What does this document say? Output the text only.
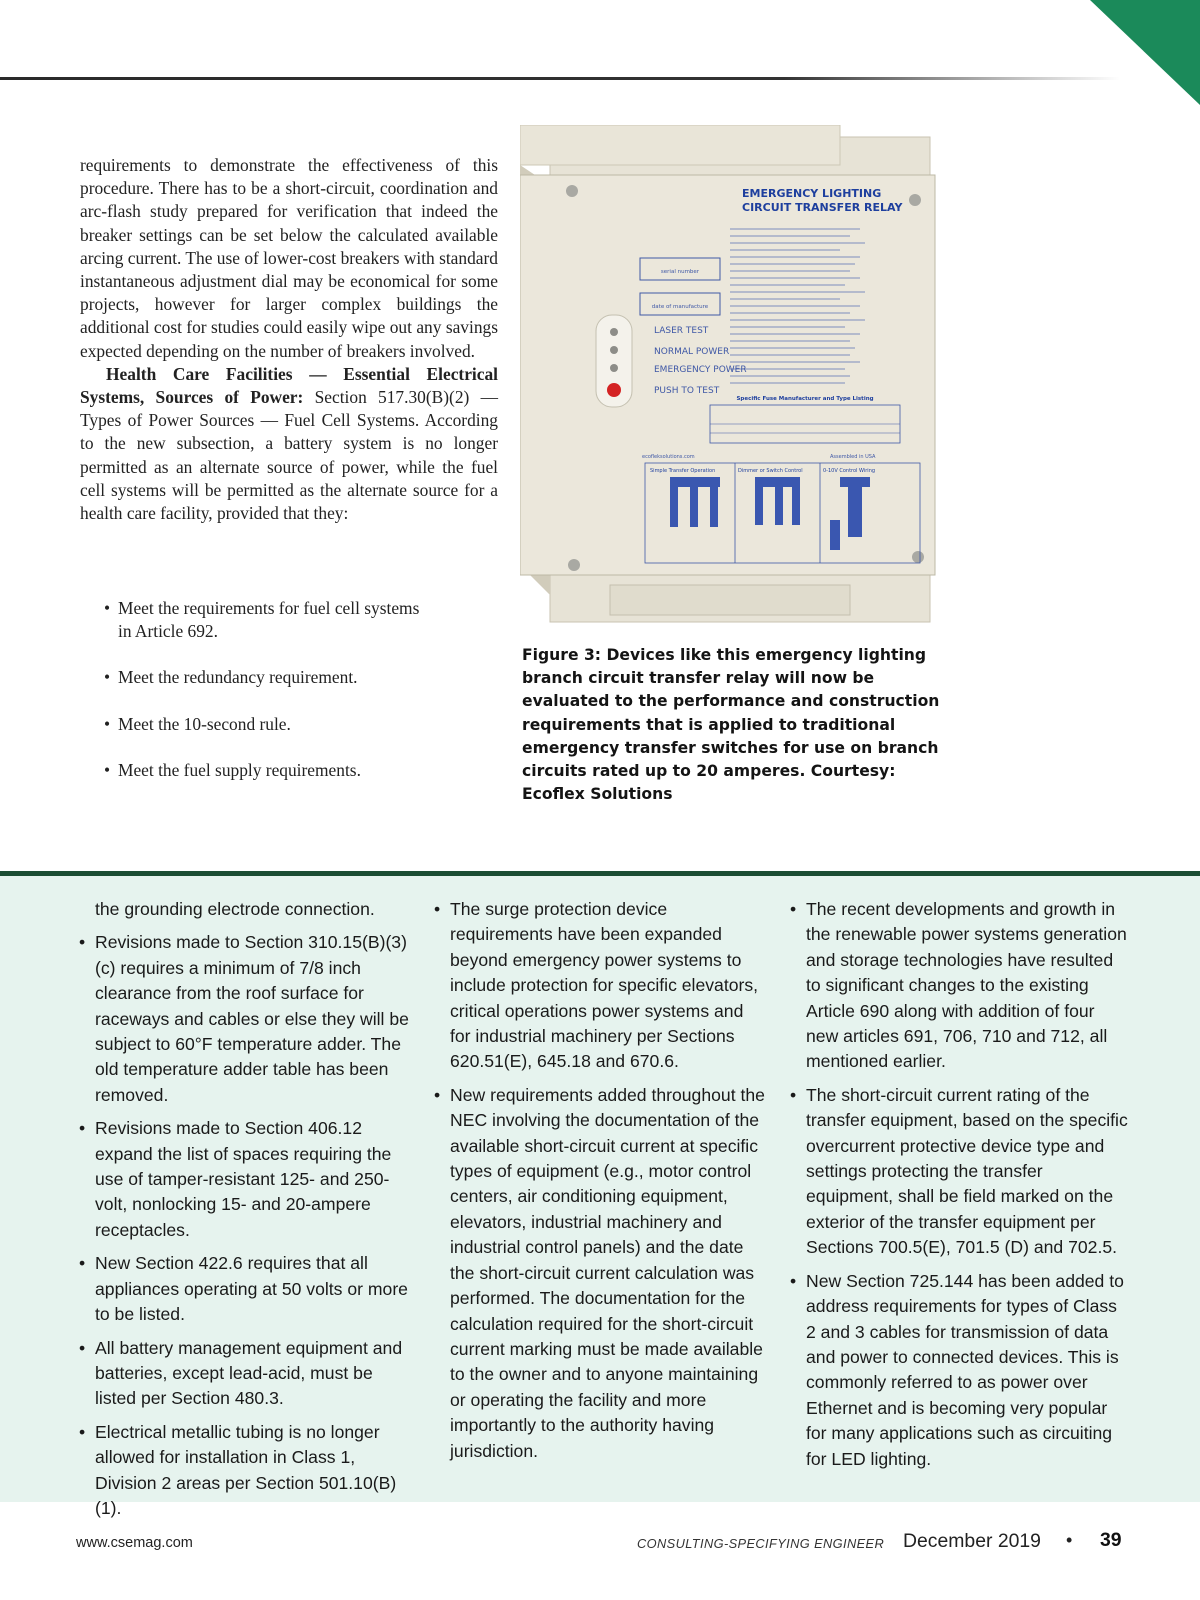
requirements to demonstrate the effectiveness of this procedure. There has to be a short-circuit, coordination and arc-flash study prepared for verification that indeed the breaker settings can be set below the calculated available arcing current. The use of lower-cost breakers with standard instantaneous adjustment dial may be economical for some projects, however for larger complex buildings the additional cost for studies could easily wipe out any savings expected depending on the number of breakers involved.

Health Care Facilities — Essential Electrical Systems, Sources of Power: Section 517.30(B)(2) — Types of Power Sources — Fuel Cell Systems. According to the new subsection, a battery system is no longer permitted as an alternate source of power, while the fuel cell systems will be permitted as the alternate source for a health care facility, provided that they:

• Meet the requirements for fuel cell systems in Article 692.
• Meet the redundancy requirement.
• Meet the 10-second rule.
• Meet the fuel supply requirements.
EMERGENCY LIGHTING
CIRCUIT TRANSFER RELAY
serial number
date of manufacture
LASER TEST
NORMAL POWER
EMERGENCY POWER
PUSH TO TEST
Specific Fuse Manufacturer and Type Listing
ecofleksolutions.com	Assembled in USA
Simple Transfer Operation	Dimmer or Switch Control	0-10V Control Wiring
Figure 3: Devices like this emergency lighting branch circuit transfer relay will now be evaluated to the performance and construction requirements that is applied to traditional emergency transfer switches for use on branch circuits rated up to 20 amperes. Courtesy: Ecoflex Solutions
the grounding electrode connection.
• Revisions made to Section 310.15(B)(3)(c) requires a minimum of 7/8 inch clearance from the roof surface for raceways and cables or else they will be subject to 60°F temperature adder. The old temperature adder table has been removed.
• Revisions made to Section 406.12 expand the list of spaces requiring the use of tamper-resistant 125- and 250-volt, nonlocking 15- and 20-ampere receptacles.
• New Section 422.6 requires that all appliances operating at 50 volts or more to be listed.
• All battery management equipment and batteries, except lead-acid, must be listed per Section 480.3.
• Electrical metallic tubing is no longer allowed for installation in Class 1, Division 2 areas per Section 501.10(B)(1).
• The surge protection device requirements have been expanded beyond emergency power systems to include protection for specific elevators, critical operations power systems and for industrial machinery per Sections 620.51(E), 645.18 and 670.6.
• New requirements added throughout the NEC involving the documentation of the available short-circuit current at specific types of equipment (e.g., motor control centers, air conditioning equipment, elevators, industrial machinery and industrial control panels) and the date the short-circuit current calculation was performed. The documentation for the calculation required for the short-circuit current marking must be made available to the owner and to anyone maintaining or operating the facility and more importantly to the authority having jurisdiction.
• The recent developments and growth in the renewable power systems generation and storage technologies have resulted to significant changes to the existing Article 690 along with addition of four new articles 691, 706, 710 and 712, all mentioned earlier.
• The short-circuit current rating of the transfer equipment, based on the specific overcurrent protective device type and settings protecting the transfer equipment, shall be field marked on the exterior of the transfer equipment per Sections 700.5(E), 701.5 (D) and 702.5.
• New Section 725.144 has been added to address requirements for types of Class 2 and 3 cables for transmission of data and power to connected devices. This is commonly referred to as power over Ethernet and is becoming very popular for many applications such as circuiting for LED lighting.
www.csemag.com	CONSULTING-SPECIFYING ENGINEER December 2019 • 39
